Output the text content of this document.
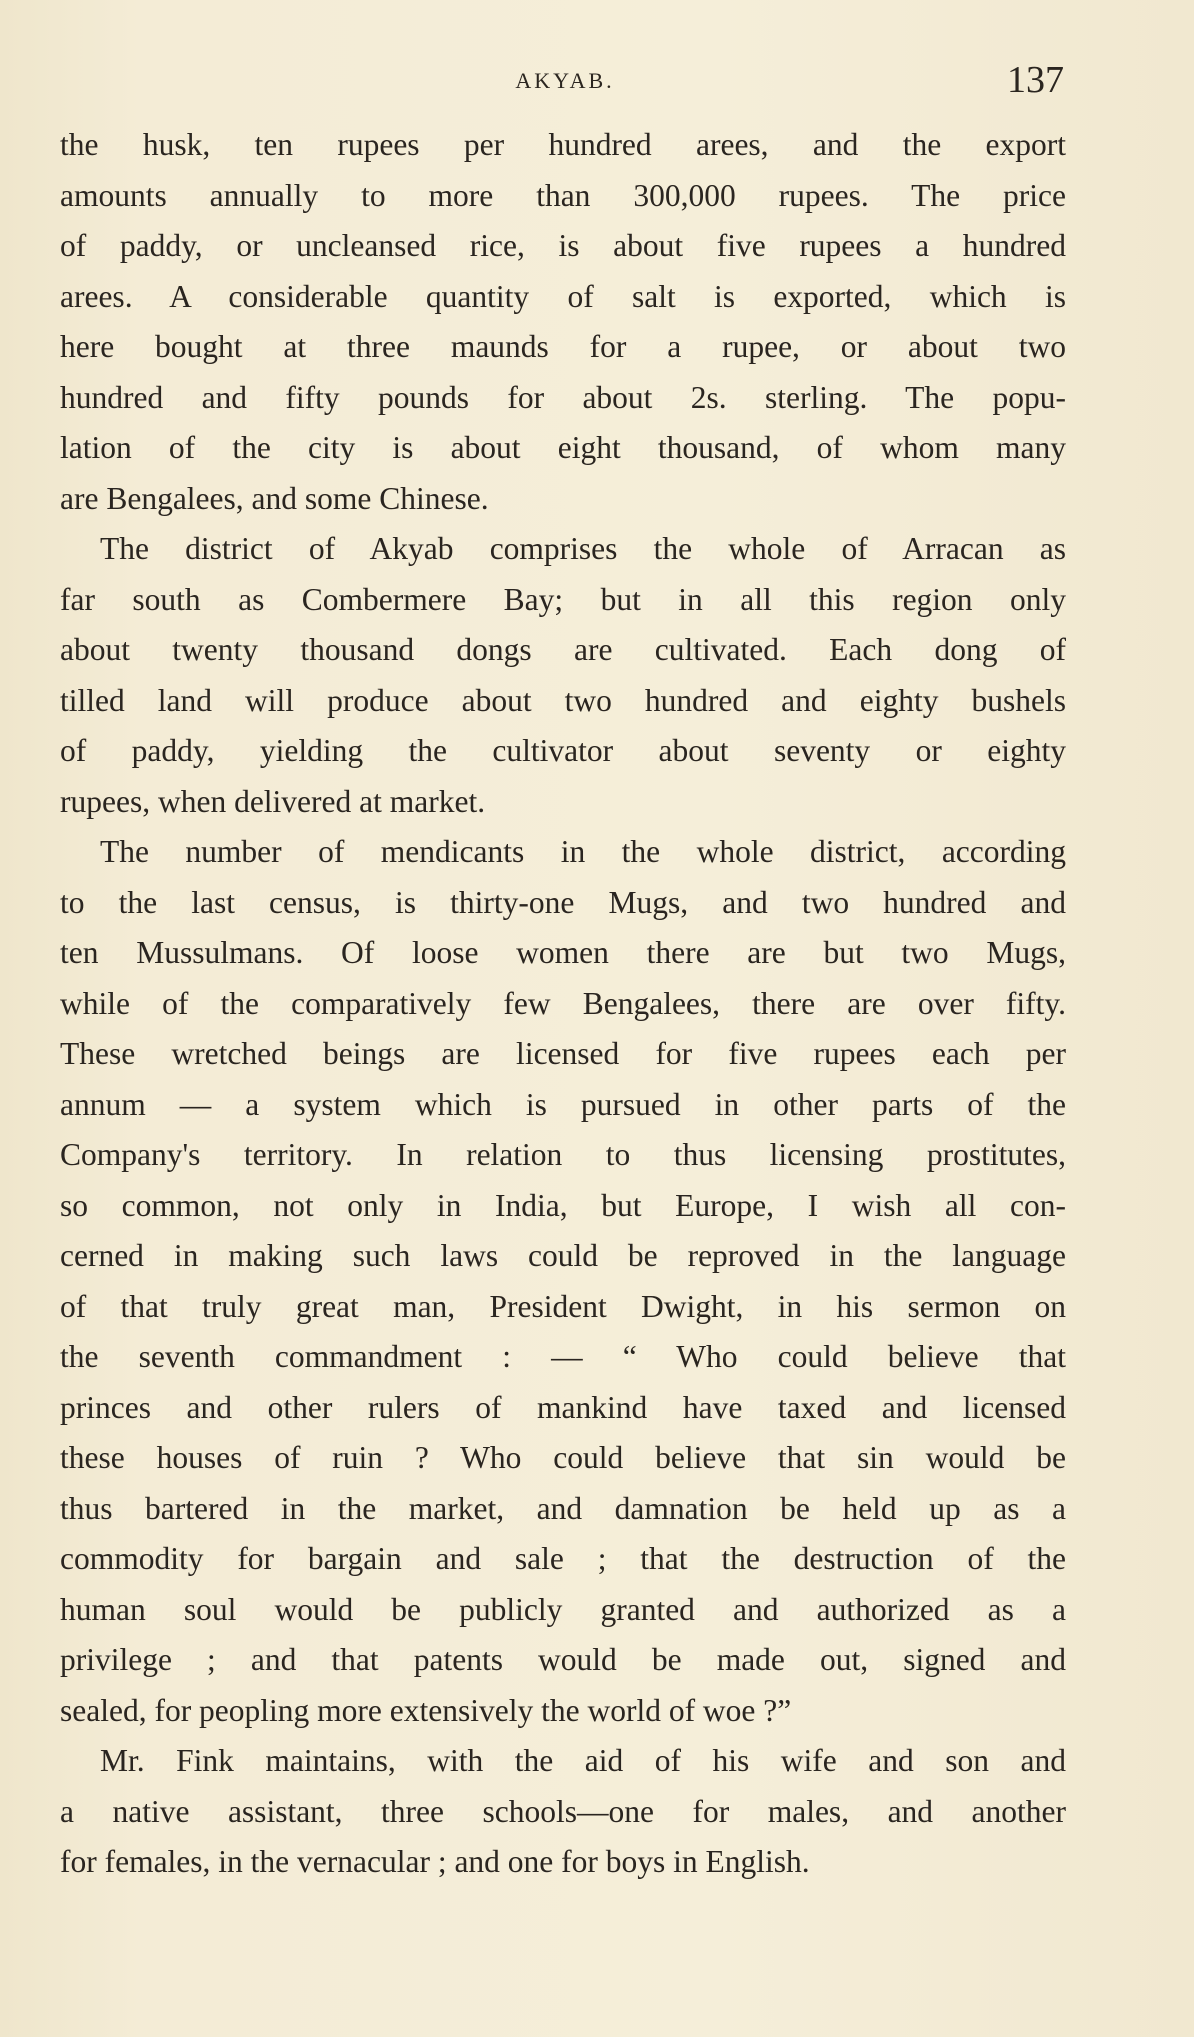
AKYAB.	137
the husk, ten rupees per hundred arees, and the export
amounts annually to more than 300,000 rupees. The price
of paddy, or uncleansed rice, is about five rupees a hundred
arees. A considerable quantity of salt is exported, which is
here bought at three maunds for a rupee, or about two
hundred and fifty pounds for about 2s. sterling. The popu-
lation of the city is about eight thousand, of whom many
are Bengalees, and some Chinese.
The district of Akyab comprises the whole of Arracan as
far south as Combermere Bay; but in all this region only
about twenty thousand dongs are cultivated. Each dong of
tilled land will produce about two hundred and eighty bushels
of paddy, yielding the cultivator about seventy or eighty
rupees, when delivered at market.
The number of mendicants in the whole district, according
to the last census, is thirty-one Mugs, and two hundred and
ten Mussulmans. Of loose women there are but two Mugs,
while of the comparatively few Bengalees, there are over fifty.
These wretched beings are licensed for five rupees each per
annum — a system which is pursued in other parts of the
Company's territory. In relation to thus licensing prostitutes,
so common, not only in India, but Europe, I wish all con-
cerned in making such laws could be reproved in the language
of that truly great man, President Dwight, in his sermon on
the seventh commandment : — “ Who could believe that
princes and other rulers of mankind have taxed and licensed
these houses of ruin ? Who could believe that sin would be
thus bartered in the market, and damnation be held up as a
commodity for bargain and sale ; that the destruction of the
human soul would be publicly granted and authorized as a
privilege ; and that patents would be made out, signed and
sealed, for peopling more extensively the world of woe ?”
Mr. Fink maintains, with the aid of his wife and son and
a native assistant, three schools—one for males, and another
for females, in the vernacular ; and one for boys in English.
